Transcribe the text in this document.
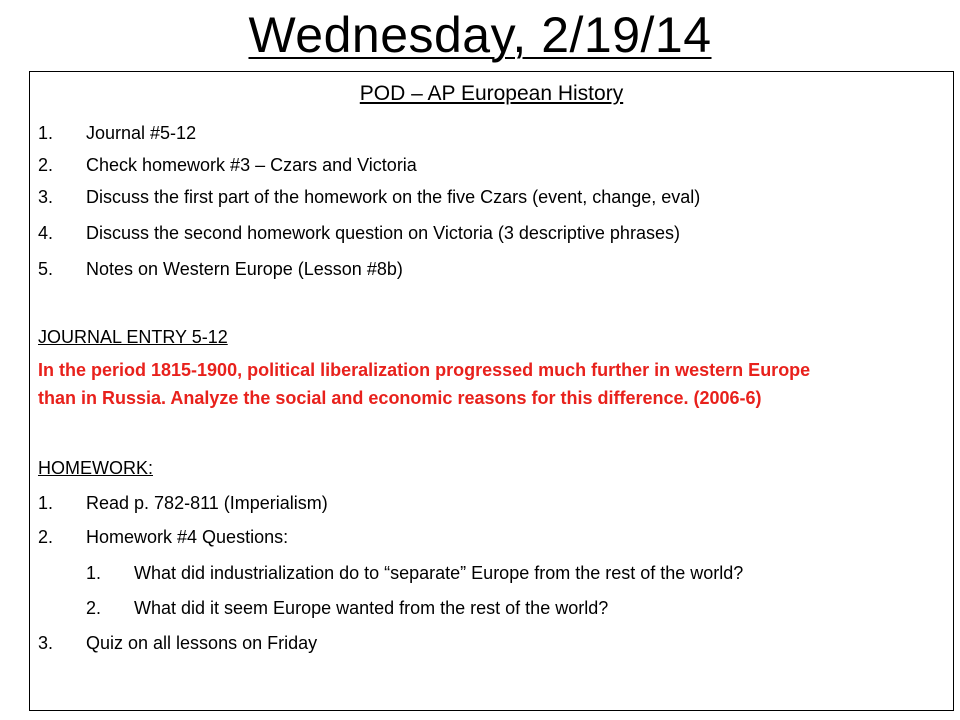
Wednesday, 2/19/14
POD – AP European History
1. Journal #5-12
2. Check homework #3 – Czars and Victoria
3. Discuss the first part of the homework on the five Czars (event, change, eval)
4. Discuss the second homework question on Victoria (3 descriptive phrases)
5. Notes on Western Europe (Lesson #8b)
JOURNAL ENTRY 5-12
In the period 1815-1900, political liberalization progressed much further in western Europe
than in Russia. Analyze the social and economic reasons for this difference. (2006-6)
HOMEWORK:
1. Read p. 782-811 (Imperialism)
2. Homework #4 Questions:
1. What did industrialization do to “separate” Europe from the rest of the world?
2. What did it seem Europe wanted from the rest of the world?
3. Quiz on all lessons on Friday
